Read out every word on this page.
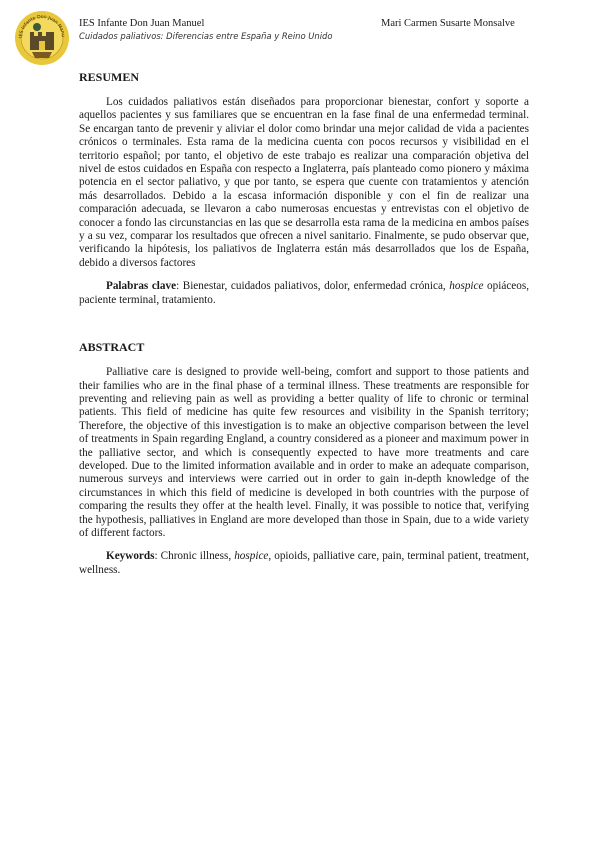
IES Infante Don Juan Manu
IES Infante Don Juan Manuel
Cuidados paliativos: Diferencias entre España y Reino Unido
Mari Carmen Susarte Monsalve
RESUMEN

Los cuidados paliativos están diseñados para proporcionar bienestar, confort y soporte a aquellos pacientes y sus familiares que se encuentran en la fase final de una enfermedad terminal. Se encargan tanto de prevenir y aliviar el dolor como brindar una mejor calidad de vida a pacientes crónicos o terminales. Esta rama de la medicina cuenta con pocos recursos y visibilidad en el territorio español; por tanto, el objetivo de este trabajo es realizar una comparación objetiva del nivel de estos cuidados en España con respecto a Inglaterra, país planteado como pionero y máxima potencia en el sector paliativo, y que por tanto, se espera que cuente con tratamientos y atención más desarrollados. Debido a la escasa información disponible y con el fin de realizar una comparación adecuada, se llevaron a cabo numerosas encuestas y entrevistas con el objetivo de conocer a fondo las circunstancias en las que se desarrolla esta rama de la medicina en ambos países y a su vez, comparar los resultados que ofrecen a nivel sanitario. Finalmente, se pudo observar que, verificando la hipótesis, los paliativos de Inglaterra están más desarrollados que los de España, debido a diversos factores

Palabras clave: Bienestar, cuidados paliativos, dolor, enfermedad crónica, hospice opiáceos, paciente terminal, tratamiento.

ABSTRACT

Palliative care is designed to provide well-being, comfort and support to those patients and their families who are in the final phase of a terminal illness. These treatments are responsible for preventing and relieving pain as well as providing a better quality of life to chronic or terminal patients. This field of medicine has quite few resources and visibility in the Spanish territory; Therefore, the objective of this investigation is to make an objective comparison between the level of treatments in Spain regarding England, a country considered as a pioneer and maximum power in the palliative sector, and which is consequently expected to have more treatments and care developed. Due to the limited information available and in order to make an adequate comparison, numerous surveys and interviews were carried out in order to gain in-depth knowledge of the circumstances in which this field of medicine is developed in both countries with the purpose of comparing the results they offer at the health level. Finally, it was possible to notice that, verifying the hypothesis, palliatives in England are more developed than those in Spain, due to a wide variety of different factors.

Keywords: Chronic illness, hospice, opioids, palliative care, pain, terminal patient, treatment, wellness.
